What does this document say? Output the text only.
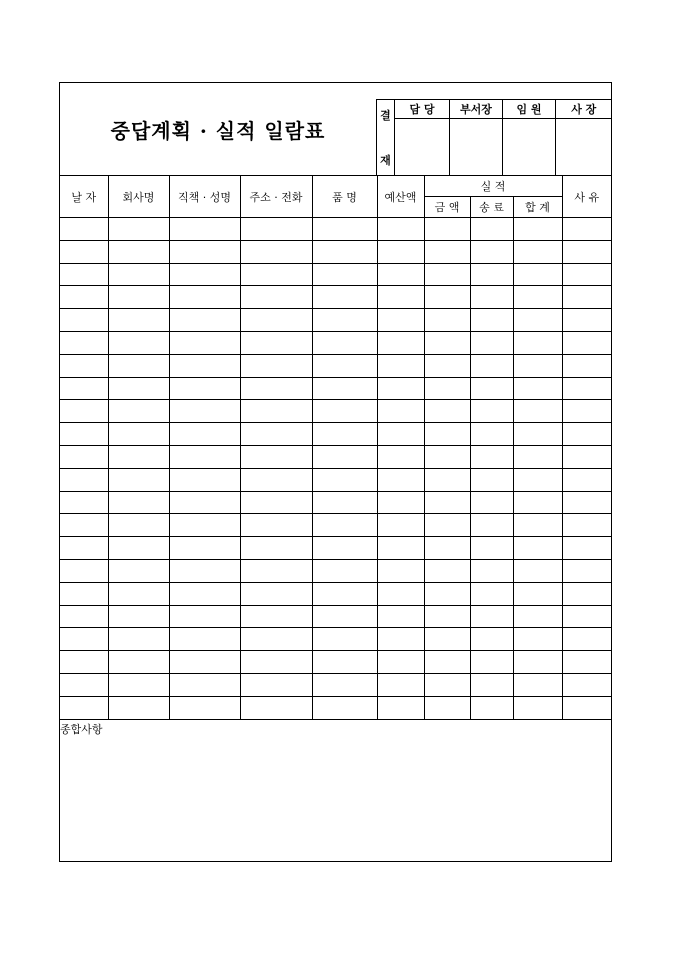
중답계획 · 실적 일람표
결
재	담 당	부서장	임 원	사 장

날 자	회사명	직책 · 성명	주소 · 전화	품 명	예산액	실 적			사 유
						금 액	송 료	합 계	

종합사항
